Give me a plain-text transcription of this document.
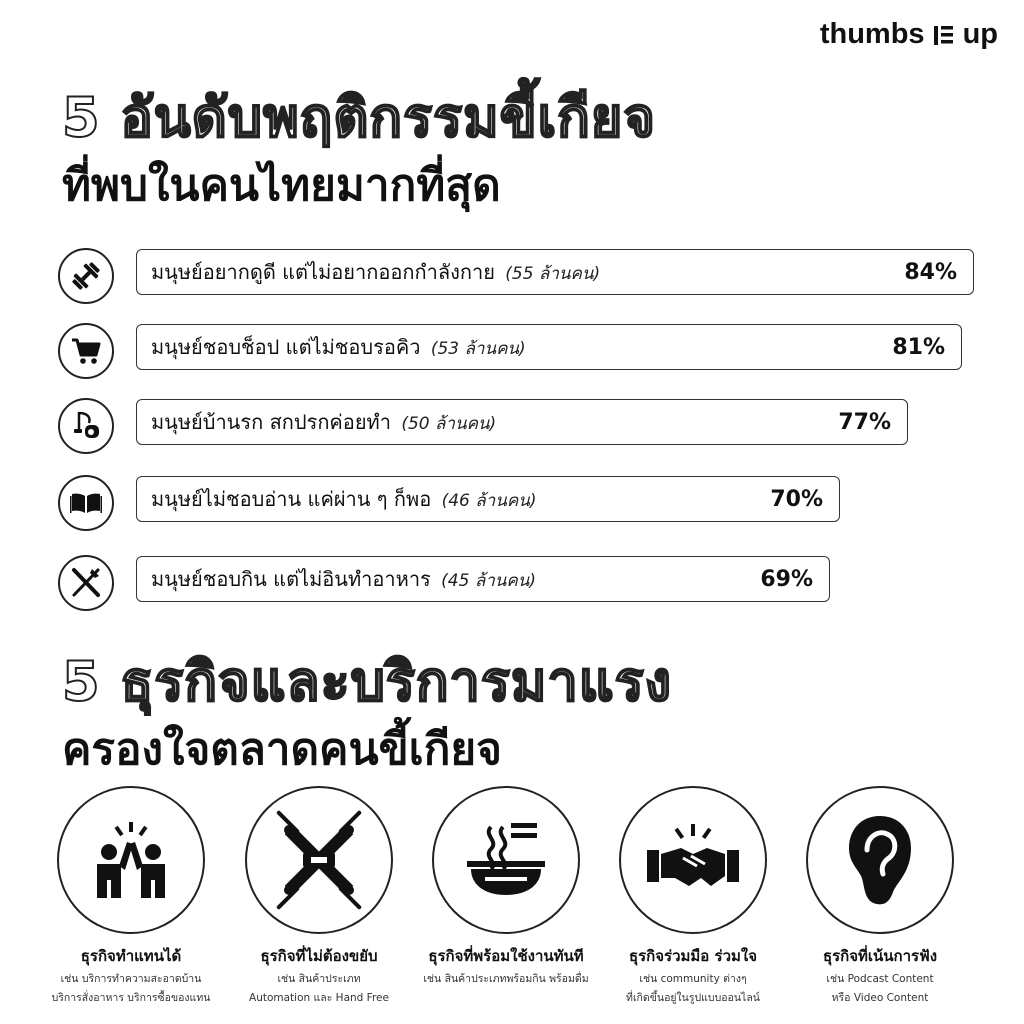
thumbs up
5 อันดับพฤติกรรมขี้เกียจ
ที่พบในคนไทยมากที่สุด
มนุษย์อยากดูดี แต่ไม่อยากออกกำลังกาย (55 ล้านคน)	84%
มนุษย์ชอบช็อป แต่ไม่ชอบรอคิว (53 ล้านคน)	81%
มนุษย์บ้านรก สกปรกค่อยทำ (50 ล้านคน)	77%
มนุษย์ไม่ชอบอ่าน แค่ผ่าน ๆ ก็พอ (46 ล้านคน)	70%
มนุษย์ชอบกิน แต่ไม่อินทำอาหาร (45 ล้านคน)	69%
5 ธุรกิจและบริการมาแรง
ครองใจตลาดคนขี้เกียจ
ธุรกิจทำแทนได้
เช่น บริการทำความสะอาดบ้าน
บริการสั่งอาหาร บริการซื้อของแทน
ธุรกิจที่ไม่ต้องขยับ
เช่น สินค้าประเภท
Automation และ Hand Free
ธุรกิจที่พร้อมใช้งานทันที
เช่น สินค้าประเภทพร้อมกิน พร้อมดื่ม
ธุรกิจร่วมมือ ร่วมใจ
เช่น community ต่างๆ
ที่เกิดขึ้นอยู่ในรูปแบบออนไลน์
ธุรกิจที่เน้นการฟัง
เช่น Podcast Content
หรือ Video Content
